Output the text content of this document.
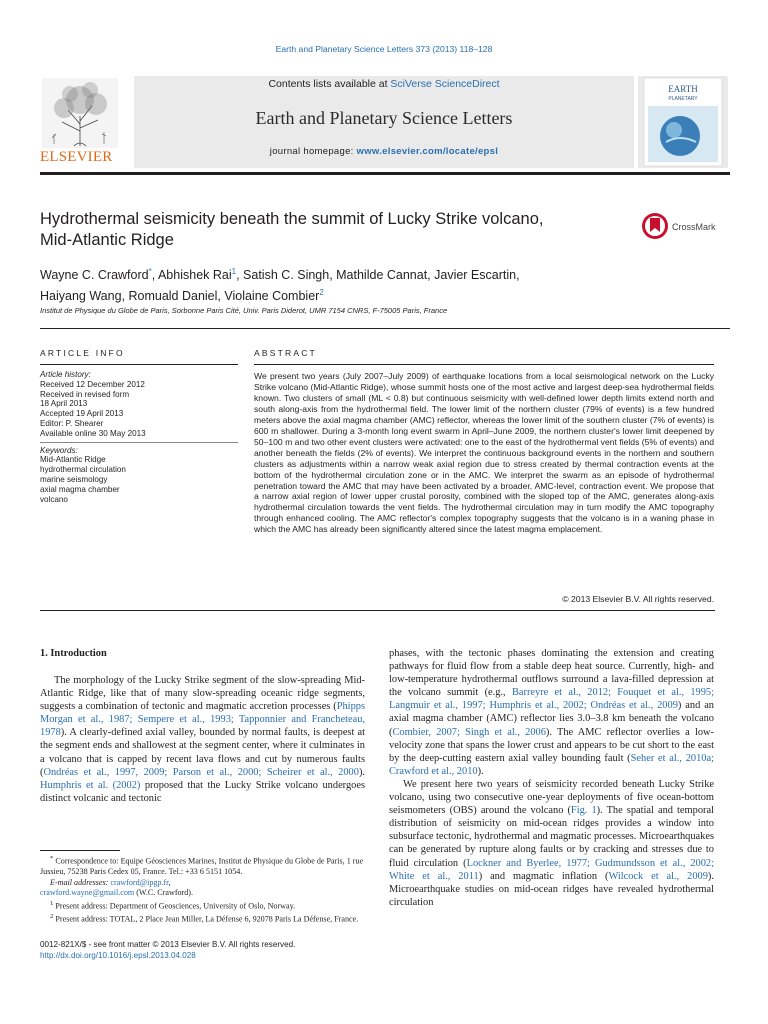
Earth and Planetary Science Letters 373 (2013) 118–128
ELSEVIER
Contents lists available at SciVerse ScienceDirect
Earth and Planetary Science Letters
journal homepage: www.elsevier.com/locate/epsl
EARTH
PLANETARY
Hydrothermal seismicity beneath the summit of Lucky Strike volcano,
Mid-Atlantic Ridge
CrossMark
Wayne C. Crawford*, Abhishek Rai$^1$, Satish C. Singh, Mathilde Cannat, Javier Escartin,
Haiyang Wang, Romuald Daniel, Violaine Combier$^2$
Institut de Physique du Globe de Paris, Sorbonne Paris Cité, Univ. Paris Diderot, UMR 7154 CNRS, F-75005 Paris, France
ARTICLE INFO	ABSTRACT
Article history:
Received 12 December 2012
Received in revised form
18 April 2013
Accepted 19 April 2013
Editor: P. Shearer
Available online 30 May 2013
Keywords:
Mid-Atlantic Ridge
hydrothermal circulation
marine seismology
axial magma chamber
volcano
We present two years (July 2007–July 2009) of earthquake locations from a local seismological network on the Lucky Strike volcano (Mid-Atlantic Ridge), whose summit hosts one of the most active and largest deep-sea hydrothermal fields known. Two clusters of small (ML < 0.8) but continuous seismicity with well-defined lower depth limits extend north and south along-axis from the hydrothermal field. The lower limit of the northern cluster (79% of events) is a few hundred meters above the axial magma chamber (AMC) reflector, whereas the lower limit of the southern cluster (7% of events) is 600 m shallower. During a 3-month long event swarm in April–June 2009, the northern cluster's lower limit deepened by 50–100 m and two other event clusters were activated: one to the east of the hydrothermal vent fields (5% of events) and another beneath the fields (2% of events). We interpret the continuous background events in the northern and southern clusters as adjustments within a narrow weak axial region due to stress created by thermal contraction events at the bottom of the hydrothermal circulation zone or in the AMC. We interpret the swarm as an episode of hydrothermal penetration toward the AMC that may have been activated by a broader, AMC-level, contraction event. We propose that a narrow axial region of lower upper crustal porosity, combined with the sloped top of the AMC, generates along-axis hydrothermal circulation towards the vent fields. The hydrothermal circulation may in turn modify the AMC topography through enhanced cooling. The AMC reflector's complex topography suggests that the volcano is in a waning phase in which the AMC has already been significantly altered since the latest magma emplacement.
© 2013 Elsevier B.V. All rights reserved.
1. Introduction

The morphology of the Lucky Strike segment of the slow-spreading Mid-Atlantic Ridge, like that of many slow-spreading oceanic ridge segments, suggests a combination of tectonic and magmatic accretion processes (Phipps Morgan et al., 1987; Sempere et al., 1993; Tapponnier and Francheteau, 1978). A clearly-defined axial valley, bounded by normal faults, is deepest at the segment ends and shallowest at the segment center, where it culminates in a volcano that is capped by recent lava flows and cut by numerous faults (Ondréas et al., 1997, 2009; Parson et al., 2000; Scheirer et al., 2000). Humphris et al. (2002) proposed that the Lucky Strike volcano undergoes distinct volcanic and tectonic

phases, with the tectonic phases dominating the extension and creating pathways for fluid flow from a stable deep heat source. Currently, high- and low-temperature hydrothermal outflows surround a lava-filled depression at the volcano summit (e.g., Barreyre et al., 2012; Fouquet et al., 1995; Langmuir et al., 1997; Humphris et al., 2002; Ondréas et al., 2009) and an axial magma chamber (AMC) reflector lies 3.0–3.8 km beneath the volcano (Combier, 2007; Singh et al., 2006). The AMC reflector overlies a low-velocity zone that spans the lower crust and appears to be cut short to the east by the deep-cutting eastern axial valley bounding fault (Seher et al., 2010a; Crawford et al., 2010).

We present here two years of seismicity recorded beneath Lucky Strike volcano, using two consecutive one-year deployments of five ocean-bottom seismometers (OBS) around the volcano (Fig. 1). The spatial and temporal distribution of seismicity on mid-ocean ridges provides a window into subsurface tectonic, hydrothermal and magmatic processes. Microearthquakes can be generated by rupture along faults or by cracking and stresses due to fluid circulation (Lockner and Byerlee, 1977; Gudmundsson et al., 2002; White et al., 2011) and magmatic inflation (Wilcock et al., 2009). Microearthquake studies on mid-ocean ridges have revealed hydrothermal circulation

* Correspondence to: Equipe Géosciences Marines, Institut de Physique du Globe de Paris, 1 rue Jussieu, 75238 Paris Cedex 05, France. Tel.: +33 6 5151 1054.
E-mail addresses: crawford@ipgp.fr,
crawford.wayne@gmail.com (W.C. Crawford).
$^1$ Present address: Department of Geosciences, University of Oslo, Norway.
$^2$ Present address: TOTAL, 2 Place Jean Miller, La Défense 6, 92078 Paris La Défense, France.
0012-821X/$ - see front matter © 2013 Elsevier B.V. All rights reserved.
http://dx.doi.org/10.1016/j.epsl.2013.04.028
